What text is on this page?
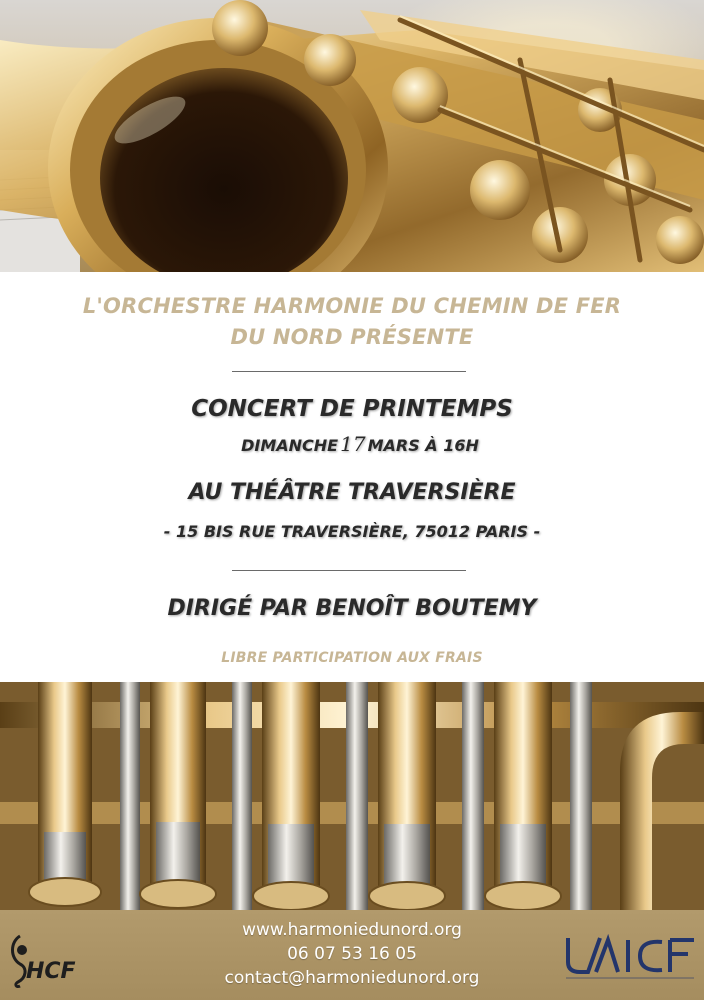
L'ORCHESTRE HARMONIE DU CHEMIN DE FER
DU NORD PRÉSENTE
CONCERT DE PRINTEMPS
DIMANCHE 17 MARS À 16H
AU THÉÂTRE TRAVERSIÈRE
- 15 BIS RUE TRAVERSIÈRE, 75012 PARIS -
DIRIGÉ PAR BENOÎT BOUTEMY
LIBRE PARTICIPATION AUX FRAIS
HCF
www.harmoniedunord.org
06 07 53 16 05
contact@harmoniedunord.org
